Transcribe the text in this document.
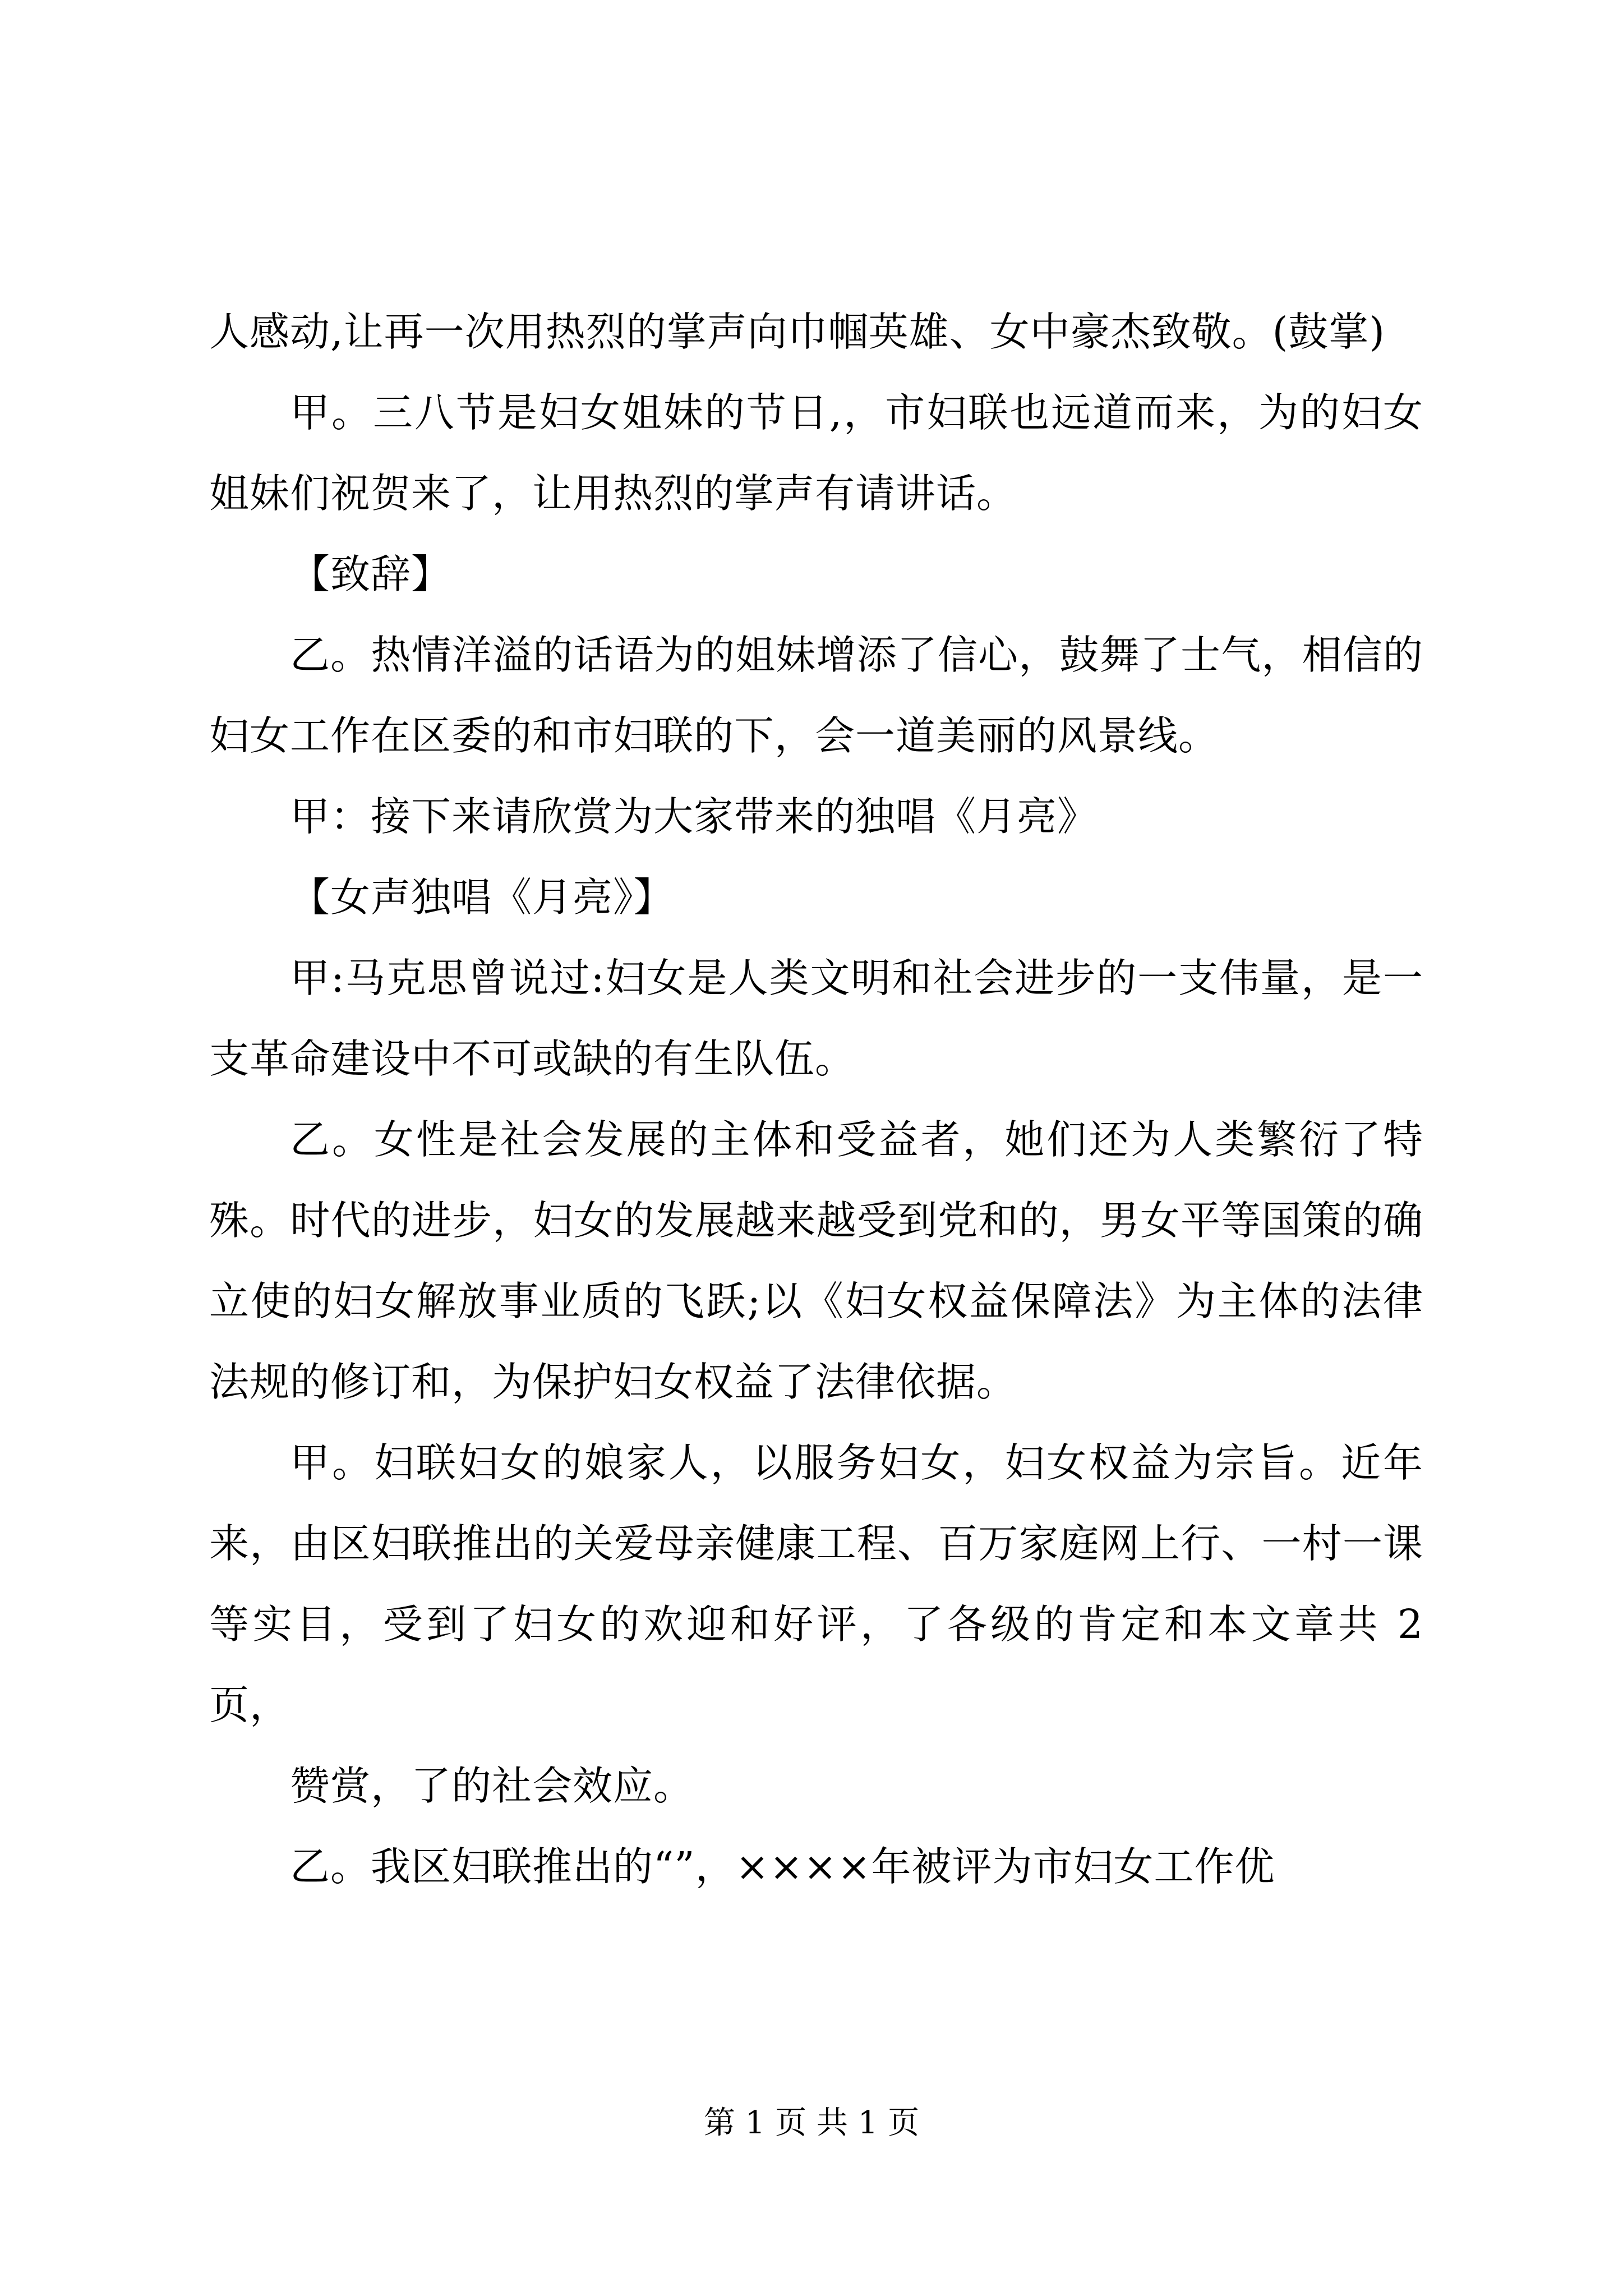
人感动,让再一次用热烈的掌声向巾帼英雄、女中豪杰致敬。(鼓掌)

甲。三八节是妇女姐妹的节日,，市妇联也远道而来，为的妇女姐妹们祝贺来了，让用热烈的掌声有请讲话。

【致辞】

乙。热情洋溢的话语为的姐妹增添了信心，鼓舞了士气，相信的妇女工作在区委的和市妇联的下，会一道美丽的风景线。

甲：接下来请欣赏为大家带来的独唱《月亮》

【女声独唱《月亮》】

甲:马克思曾说过:妇女是人类文明和社会进步的一支伟量，是一支革命建设中不可或缺的有生队伍。

乙。女性是社会发展的主体和受益者，她们还为人类繁衍了特殊。时代的进步，妇女的发展越来越受到党和的，男女平等国策的确立使的妇女解放事业质的飞跃;以《妇女权益保障法》为主体的法律法规的修订和，为保护妇女权益了法律依据。

甲。妇联妇女的娘家人，以服务妇女，妇女权益为宗旨。近年来，由区妇联推出的关爱母亲健康工程、百万家庭网上行、一村一课等实目，受到了妇女的欢迎和好评，了各级的肯定和本文章共 2 页，

赞赏，了的社会效应。

乙。我区妇联推出的“”，××××年被评为市妇女工作优

第 1 页 共 1 页
